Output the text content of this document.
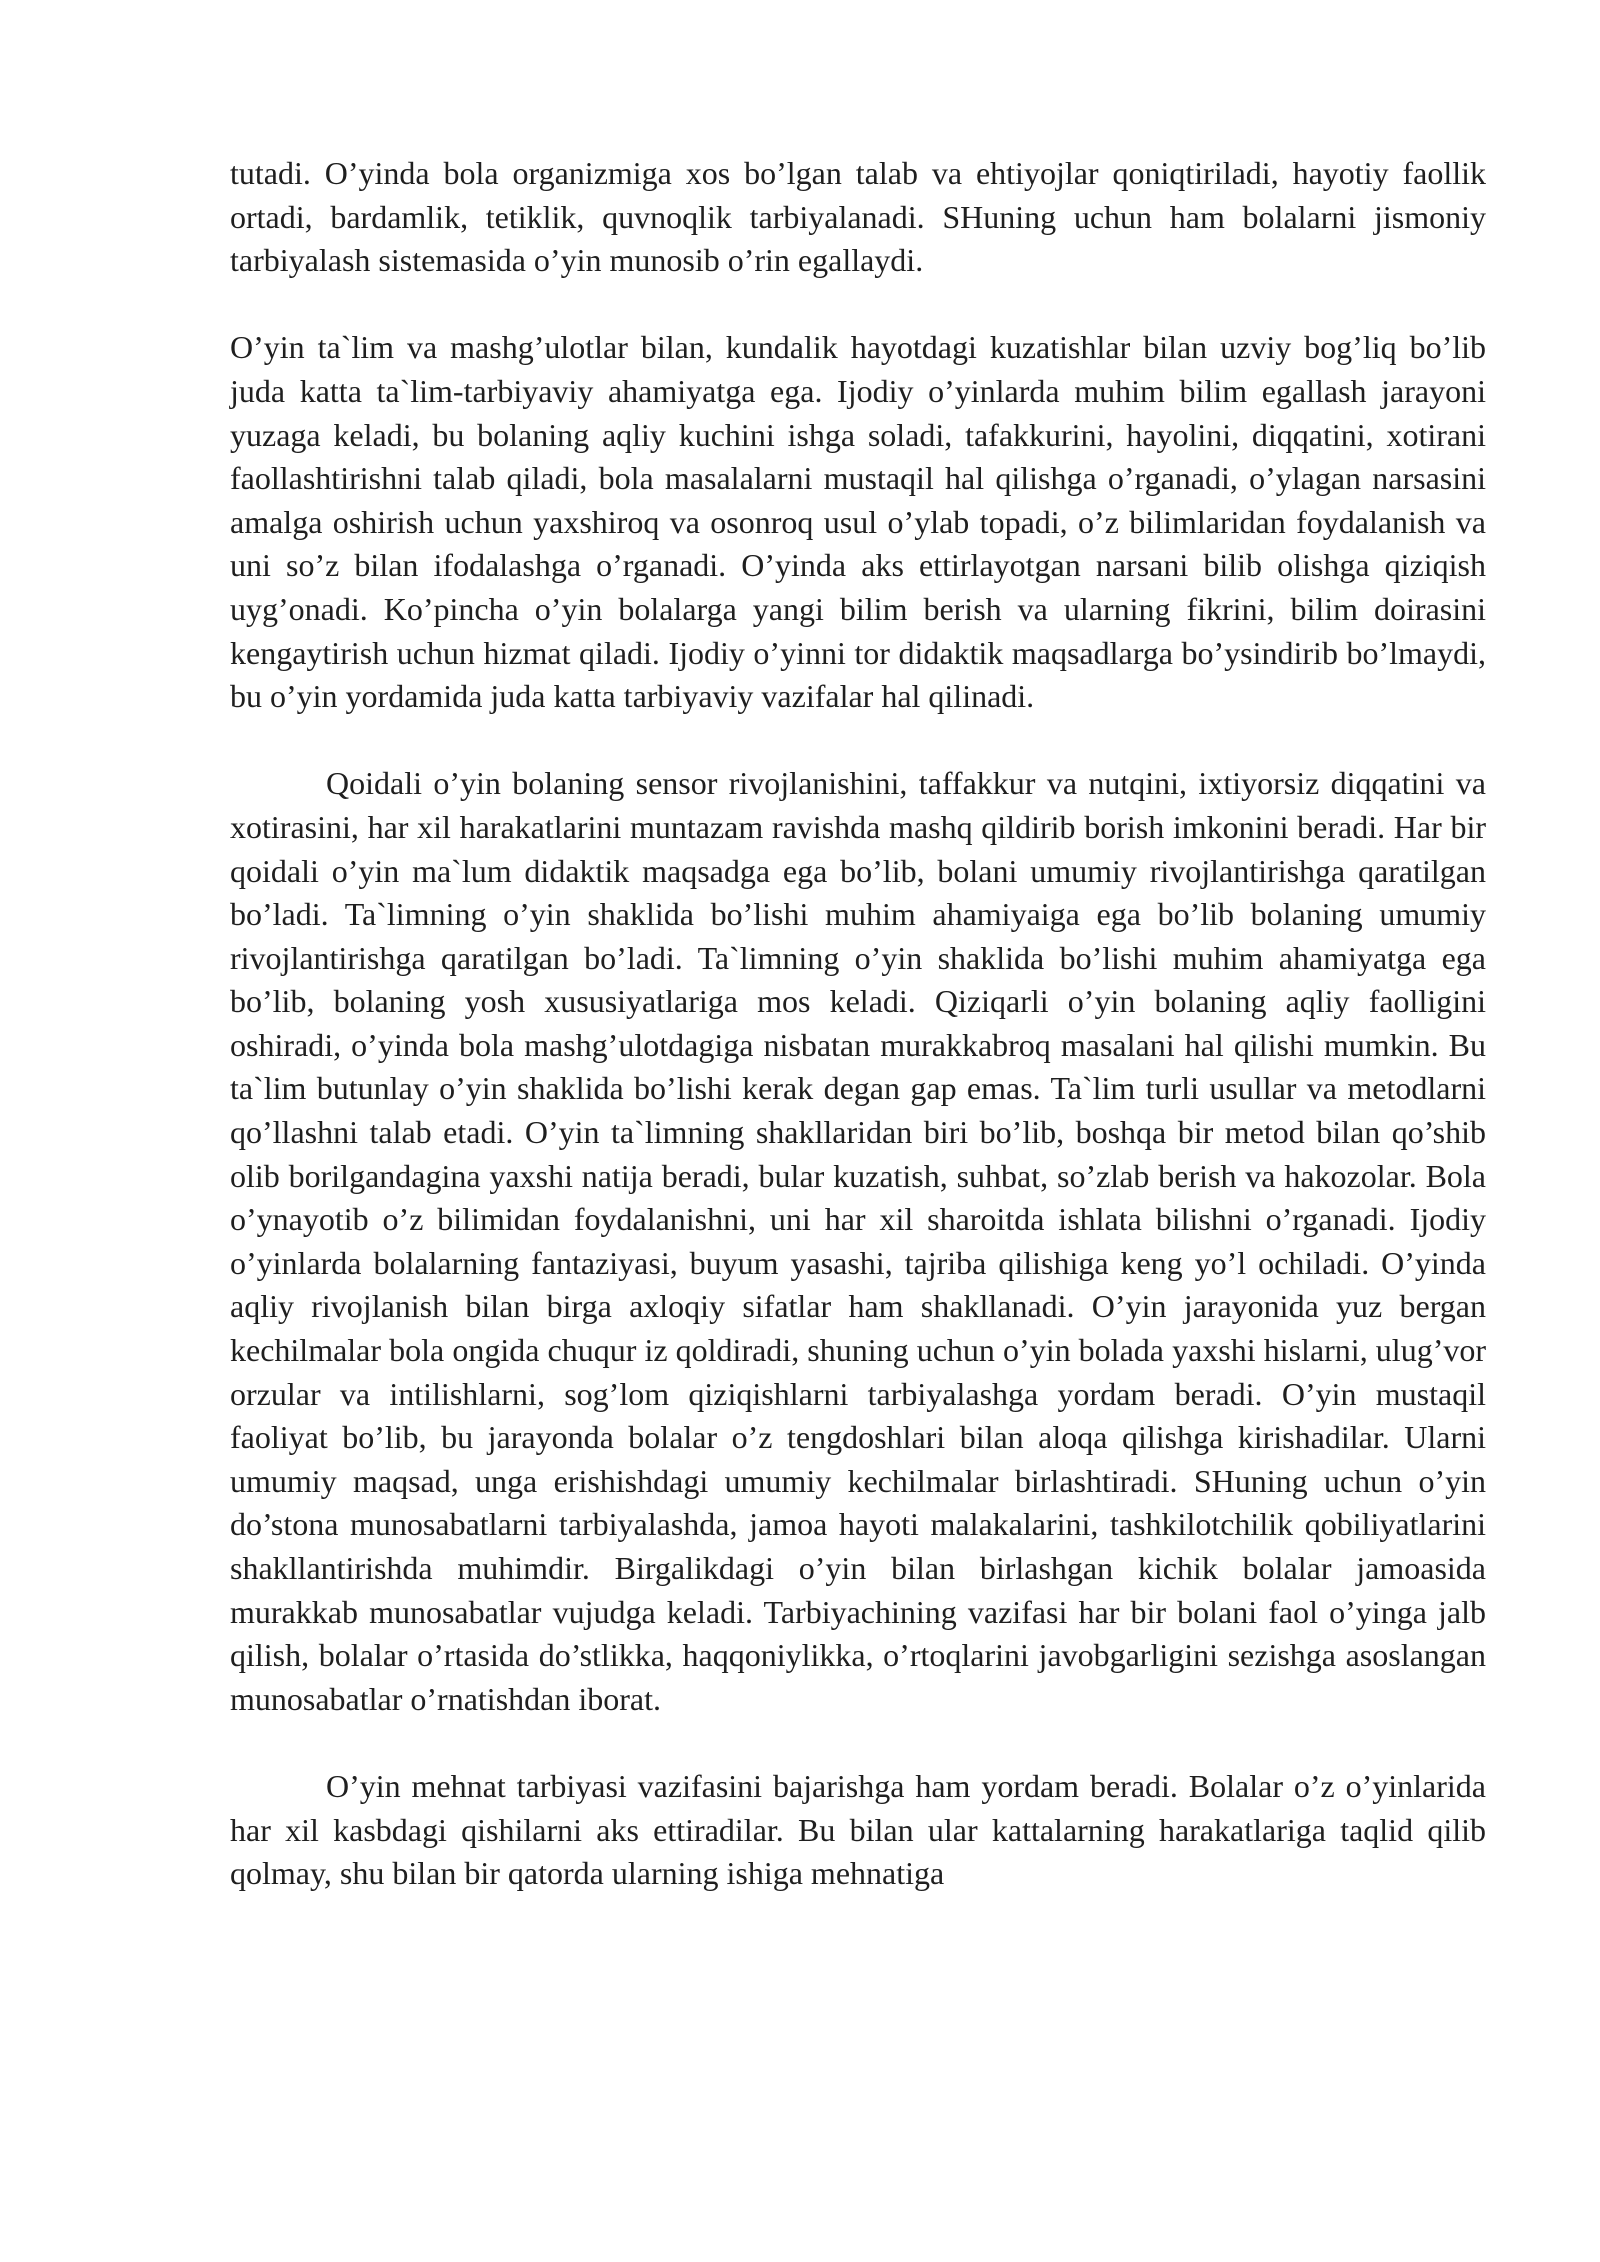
tutadi. O’yinda bola organizmiga xos bo’lgan talab va ehtiyojlar qoniqtiriladi, hayotiy faollik ortadi, bardamlik, tetiklik, quvnoqlik tarbiyalanadi. SHuning uchun ham bolalarni jismoniy tarbiyalash sistemasida o’yin munosib o’rin egallaydi.

O’yin ta`lim va mashg’ulotlar bilan, kundalik hayotdagi kuzatishlar bilan uzviy bog’liq bo’lib juda katta ta`lim-tarbiyaviy ahamiyatga ega. Ijodiy o’yinlarda muhim bilim egallash jarayoni yuzaga keladi, bu bolaning aqliy kuchini ishga soladi, tafakkurini, hayolini, diqqatini, xotirani faollashtirishni talab qiladi, bola masalalarni mustaqil hal qilishga o’rganadi, o’ylagan narsasini amalga oshirish uchun yaxshiroq va osonroq usul o’ylab topadi, o’z bilimlaridan foydalanish va uni so’z bilan ifodalashga o’rganadi. O’yinda aks ettirlayotgan narsani bilib olishga qiziqish uyg’onadi. Ko’pincha o’yin bolalarga yangi bilim berish va ularning fikrini, bilim doirasini kengaytirish uchun hizmat qiladi. Ijodiy o’yinni tor didaktik maqsadlarga bo’ysindirib bo’lmaydi, bu o’yin yordamida juda katta tarbiyaviy vazifalar hal qilinadi.

Qoidali o’yin bolaning sensor rivojlanishini, taffakkur va nutqini, ixtiyorsiz diqqatini va xotirasini, har xil harakatlarini muntazam ravishda mashq qildirib borish imkonini beradi. Har bir qoidali o’yin ma`lum didaktik maqsadga ega bo’lib, bolani umumiy rivojlantirishga qaratilgan bo’ladi. Ta`limning o’yin shaklida bo’lishi muhim ahamiyaiga ega bo’lib bolaning umumiy rivojlantirishga qaratilgan bo’ladi. Ta`limning o’yin shaklida bo’lishi muhim ahamiyatga ega bo’lib, bolaning yosh xususiyatlariga mos keladi. Qiziqarli o’yin bolaning aqliy faolligini oshiradi, o’yinda bola mashg’ulotdagiga nisbatan murakkabroq masalani hal qilishi mumkin. Bu ta`lim butunlay o’yin shaklida bo’lishi kerak degan gap emas. Ta`lim turli usullar va metodlarni qo’llashni talab etadi. O’yin ta`limning shakllaridan biri bo’lib, boshqa bir metod bilan qo’shib olib borilgandagina yaxshi natija beradi, bular kuzatish, suhbat, so’zlab berish va hakozolar. Bola o’ynayotib o’z bilimidan foydalanishni, uni har xil sharoitda ishlata bilishni o’rganadi. Ijodiy o’yinlarda bolalarning fantaziyasi, buyum yasashi, tajriba qilishiga keng yo’l ochiladi. O’yinda aqliy rivojlanish bilan birga axloqiy sifatlar ham shakllanadi. O’yin jarayonida yuz bergan kechilmalar bola ongida chuqur iz qoldiradi, shuning uchun o’yin bolada yaxshi hislarni, ulug’vor orzular va intilishlarni, sog’lom qiziqishlarni tarbiyalashga yordam beradi. O’yin mustaqil faoliyat bo’lib, bu jarayonda bolalar o’z tengdoshlari bilan aloqa qilishga kirishadilar. Ularni umumiy maqsad, unga erishishdagi umumiy kechilmalar birlashtiradi. SHuning uchun o’yin do’stona munosabatlarni tarbiyalashda, jamoa hayoti malakalarini, tashkilotchilik qobiliyatlarini shakllantirishda muhimdir. Birgalikdagi o’yin bilan birlashgan kichik bolalar jamoasida murakkab munosabatlar vujudga keladi. Tarbiyachining vazifasi har bir bolani faol o’yinga jalb qilish, bolalar o’rtasida do’stlikka, haqqoniylikka, o’rtoqlarini javobgarligini sezishga asoslangan munosabatlar o’rnatishdan iborat.

O’yin mehnat tarbiyasi vazifasini bajarishga ham yordam beradi. Bolalar o’z o’yinlarida har xil kasbdagi qishilarni aks ettiradilar. Bu bilan ular kattalarning harakatlariga taqlid qilib qolmay, shu bilan bir qatorda ularning ishiga mehnatiga
